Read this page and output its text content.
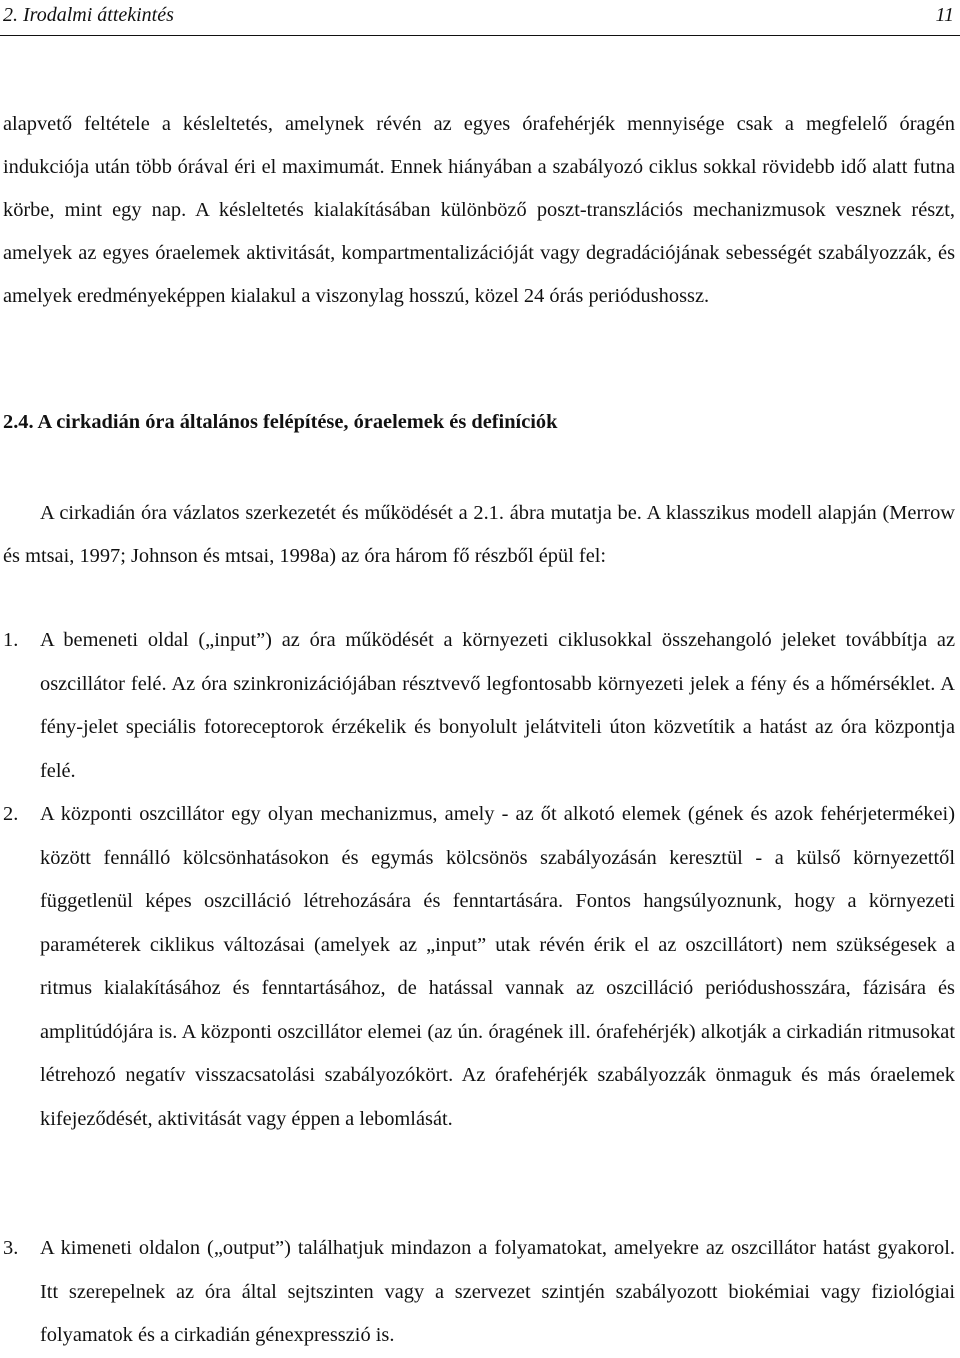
2. Irodalmi áttekintés	11

alapvető feltétele a késleltetés, amelynek révén az egyes órafehérjék mennyisége csak a megfelelő óragén indukciója után több órával éri el maximumát. Ennek hiányában a szabályozó ciklus sokkal rövidebb idő alatt futna körbe, mint egy nap. A késleltetés kialakításában különböző poszt-transzlációs mechanizmusok vesznek részt, amelyek az egyes óraelemek aktivitását, kompartmentalizációját vagy degradációjának sebességét szabályozzák, és amelyek eredményeképpen kialakul a viszonylag hosszú, közel 24 órás periódushossz.

2.4. A cirkadián óra általános felépítése, óraelemek és definíciók

A cirkadián óra vázlatos szerkezetét és működését a 2.1. ábra mutatja be. A klasszikus modell alapján (Merrow és mtsai, 1997; Johnson és mtsai, 1998a) az óra három fő részből épül fel:

1. A bemeneti oldal („input”) az óra működését a környezeti ciklusokkal összehangoló jeleket továbbítja az oszcillátor felé. Az óra szinkronizációjában résztvevő legfontosabb környezeti jelek a fény és a hőmérséklet. A fény-jelet speciális fotoreceptorok érzékelik és bonyolult jelátviteli úton közvetítik a hatást az óra központja felé.
2. A központi oszcillátor egy olyan mechanizmus, amely - az őt alkotó elemek (gének és azok fehérjetermékei) között fennálló kölcsönhatásokon és egymás kölcsönös szabályozásán keresztül - a külső környezettől függetlenül képes oszcilláció létrehozására és fenntartására. Fontos hangsúlyoznunk, hogy a környezeti paraméterek ciklikus változásai (amelyek az „input” utak révén érik el az oszcillátort) nem szükségesek a ritmus kialakításához és fenntartásához, de hatással vannak az oszcilláció periódushosszára, fázisára és amplitúdójára is. A központi oszcillátor elemei (az ún. óragének ill. órafehérjék) alkotják a cirkadián ritmusokat létrehozó negatív visszacsatolási szabályozókört. Az órafehérjék szabályozzák önmaguk és más óraelemek kifejeződését, aktivitását vagy éppen a lebomlását.
3. A kimeneti oldalon („output”) találhatjuk mindazon a folyamatokat, amelyekre az oszcillátor hatást gyakorol. Itt szerepelnek az óra által sejtszinten vagy a szervezet szintjén szabályozott biokémiai vagy fiziológiai folyamatok és a cirkadián génexpresszió is.
